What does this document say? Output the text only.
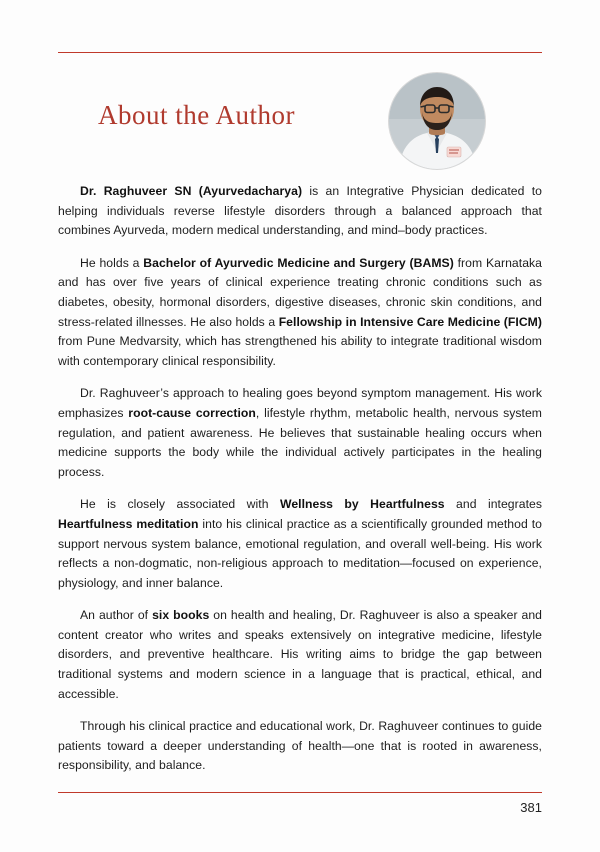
About the Author

Dr. Raghuveer SN (Ayurvedacharya) is an Integrative Physician dedicated to helping individuals reverse lifestyle disorders through a balanced approach that combines Ayurveda, modern medical understanding, and mind–body practices.

He holds a Bachelor of Ayurvedic Medicine and Surgery (BAMS) from Karnataka and has over five years of clinical experience treating chronic conditions such as diabetes, obesity, hormonal disorders, digestive diseases, chronic skin conditions, and stress-related illnesses. He also holds a Fellowship in Intensive Care Medicine (FICM) from Pune Medvarsity, which has strengthened his ability to integrate traditional wisdom with contemporary clinical responsibility.

Dr. Raghuveer’s approach to healing goes beyond symptom management. His work emphasizes root-cause correction, lifestyle rhythm, metabolic health, nervous system regulation, and patient awareness. He believes that sustainable healing occurs when medicine supports the body while the individual actively participates in the healing process.

He is closely associated with Wellness by Heartfulness and integrates Heartfulness meditation into his clinical practice as a scientifically grounded method to support nervous system balance, emotional regulation, and overall well-being. His work reflects a non-dogmatic, non-religious approach to meditation—focused on experience, physiology, and inner balance.

An author of six books on health and healing, Dr. Raghuveer is also a speaker and content creator who writes and speaks extensively on integrative medicine, lifestyle disorders, and preventive healthcare. His writing aims to bridge the gap between traditional systems and modern science in a language that is practical, ethical, and accessible.

Through his clinical practice and educational work, Dr. Raghuveer continues to guide patients toward a deeper understanding of health—one that is rooted in awareness, responsibility, and balance.

381
